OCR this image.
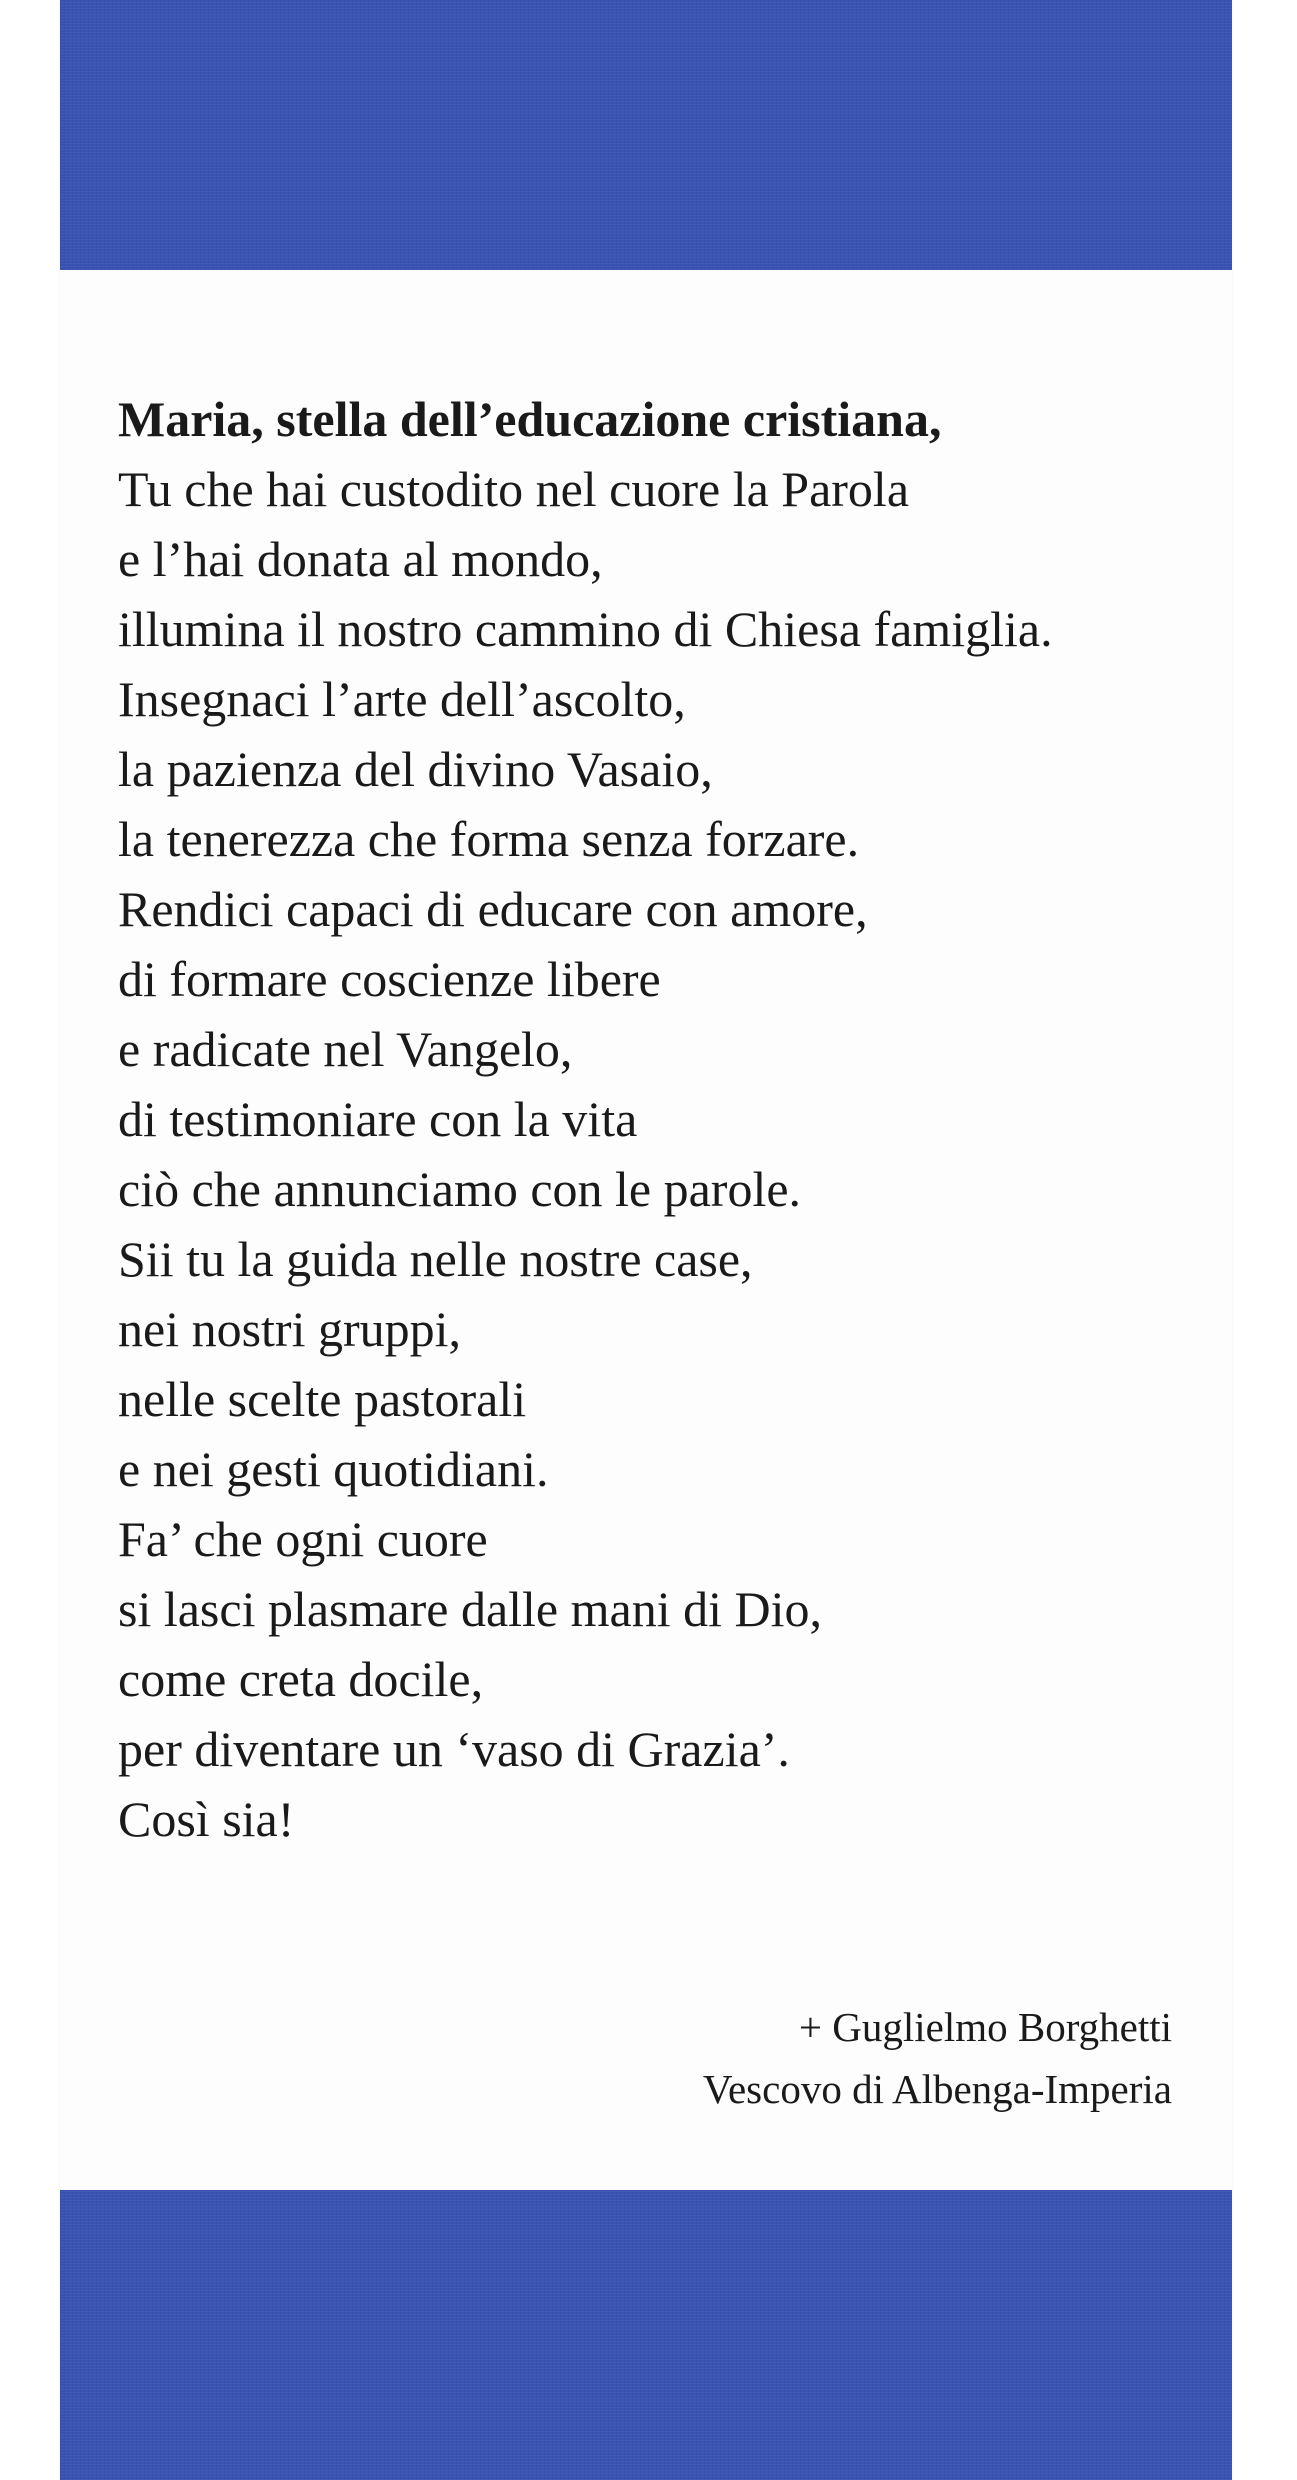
Maria, stella dell’educazione cristiana,
Tu che hai custodito nel cuore la Parola
e l’hai donata al mondo,
illumina il nostro cammino di Chiesa famiglia.
Insegnaci l’arte dell’ascolto,
la pazienza del divino Vasaio,
la tenerezza che forma senza forzare.
Rendici capaci di educare con amore,
di formare coscienze libere
e radicate nel Vangelo,
di testimoniare con la vita
ciò che annunciamo con le parole.
Sii tu la guida nelle nostre case,
nei nostri gruppi,
nelle scelte pastorali
e nei gesti quotidiani.
Fa’ che ogni cuore
si lasci plasmare dalle mani di Dio,
come creta docile,
per diventare un ‘vaso di Grazia’.
Così sia!
+ Guglielmo Borghetti
Vescovo di Albenga-Imperia
